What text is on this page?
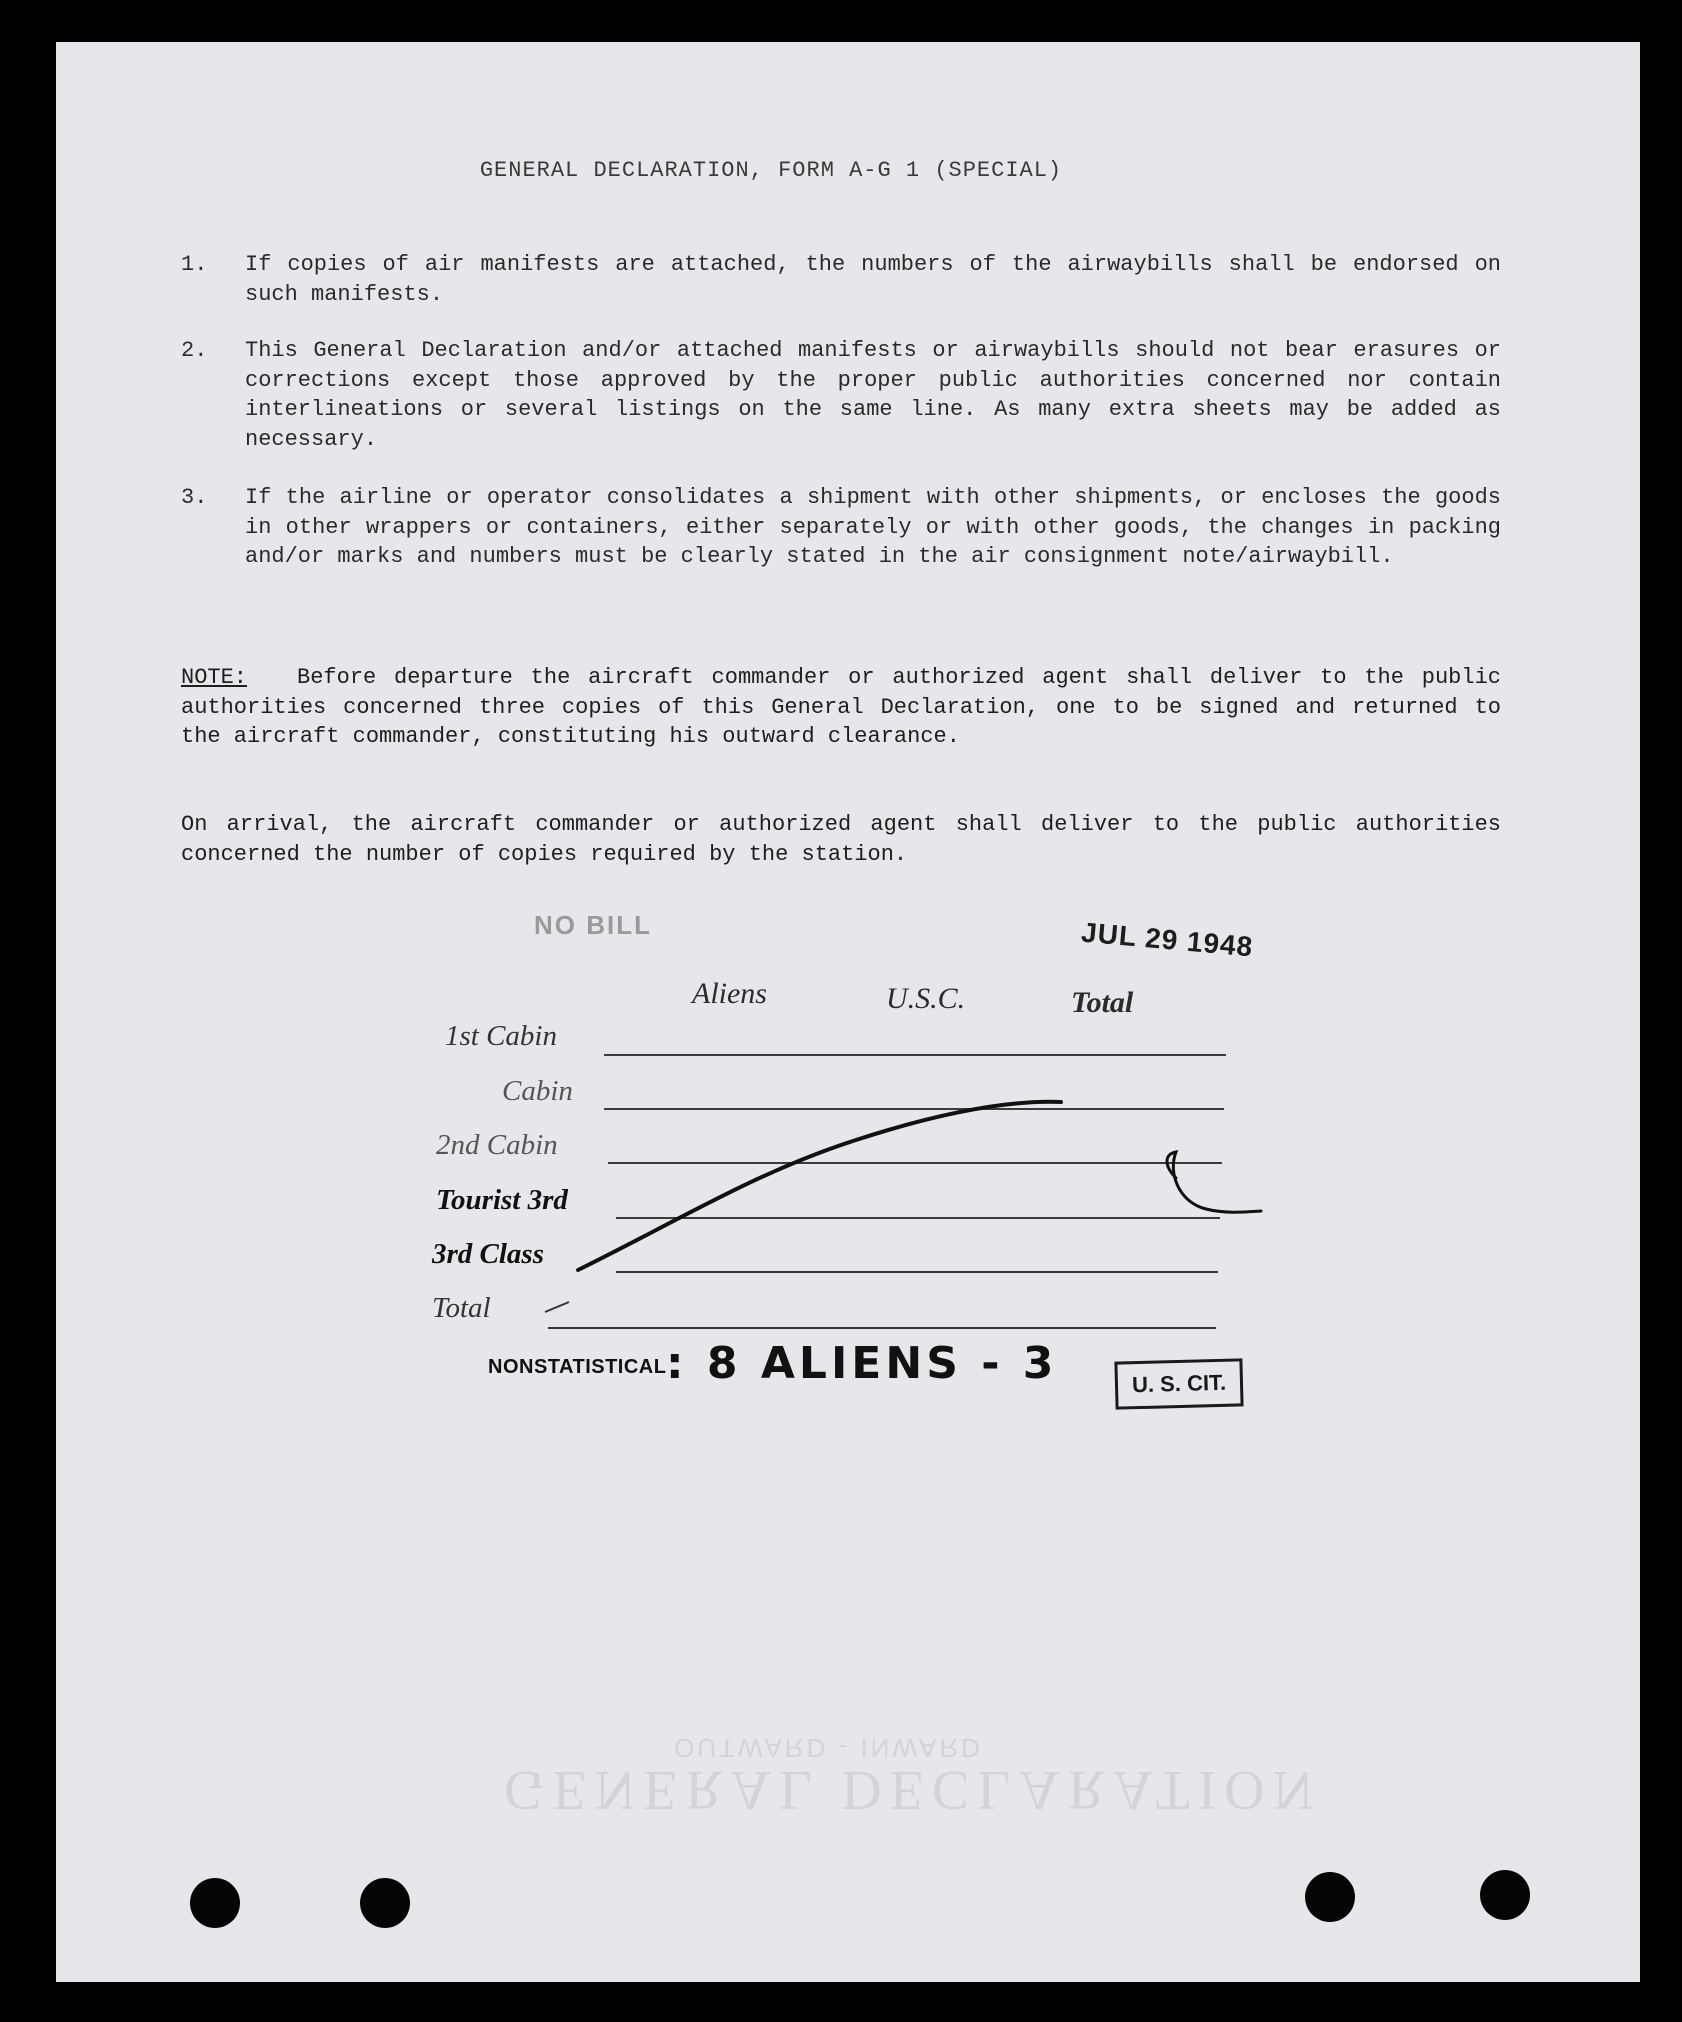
GENERAL DECLARATION, FORM A-G 1 (SPECIAL)
1.	If copies of air manifests are attached, the numbers of the airwaybills shall be endorsed on such manifests.
2.	This General Declaration and/or attached manifests or airwaybills should not bear erasures or corrections except those approved by the proper public authorities concerned nor contain interlineations or several listings on the same line. As many extra sheets may be added as necessary.
3.	If the airline or operator consolidates a shipment with other shipments, or encloses the goods in other wrappers or containers, either separately or with other goods, the changes in packing and/or marks and numbers must be clearly stated in the air consignment note/airwaybill.
NOTE: Before departure the aircraft commander or authorized agent shall deliver to the public authorities concerned three copies of this General Declaration, one to be signed and returned to the aircraft commander, constituting his outward clearance.
On arrival, the aircraft commander or authorized agent shall deliver to the public authorities concerned the number of copies required by the station.
NO BILL	JUL 29 1948
Aliens	U.S.C.	Total
1st Cabin
Cabin
2nd Cabin
Tourist 3rd
3rd Class
Total
NONSTATISTICAL : 8 ALIENS - 3	U. S. CIT.
GENERAL DECLARATION
OUTWARD - INWARD
